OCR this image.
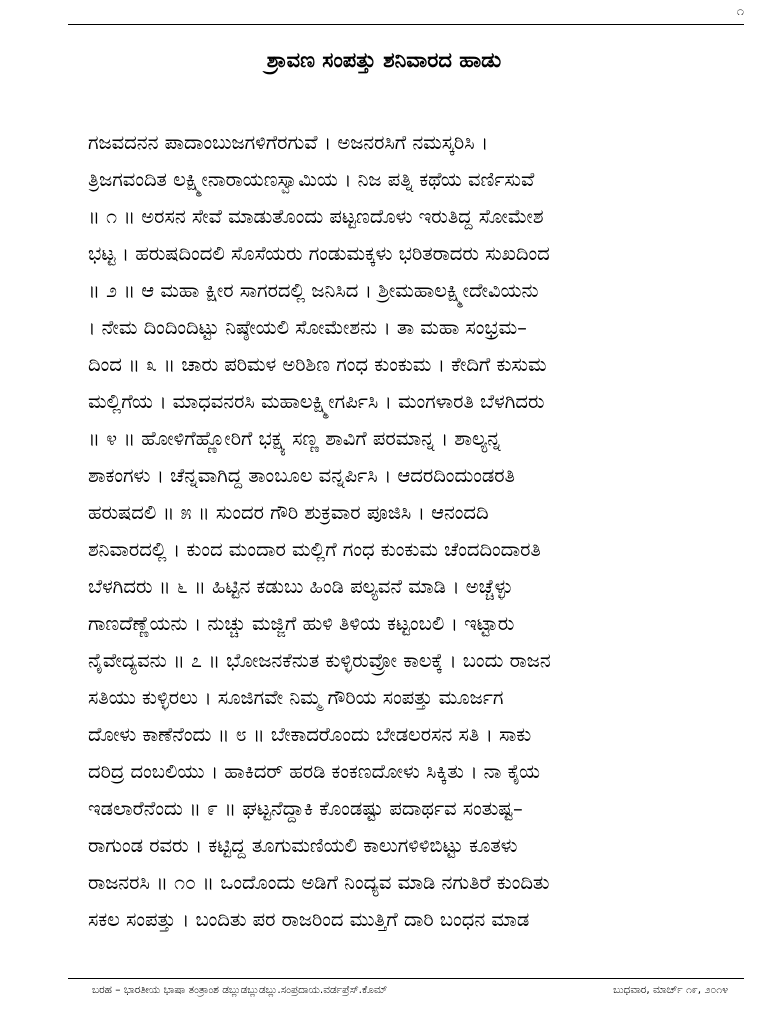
೧
ಶ್ರಾವಣ ಸಂಪತ್ತು ಶನಿವಾರದ ಹಾಡು
ಗಜವದನನ ಪಾದಾಂಬುಜಗಳಿಗೆರಗುವೆ । ಅಜನರಸಿಗೆ ನಮಸ್ಕರಿಸಿ ।
ತ್ರಿಜಗವಂದಿತ ಲಕ್ಷ್ಮೀನಾರಾಯಣಸ್ವಾಮಿಯ । ನಿಜ ಪತ್ನಿ ಕಥೆಯ ವರ್ಣಿಸುವೆ
॥ ೧ ॥ ಅರಸನ ಸೇವೆ ಮಾಡುತೊಂದು ಪಟ್ಟಣದೊಳು ಇರುತಿದ್ದ ಸೋಮೇಶ
ಭಟ್ಟ । ಹರುಷದಿಂದಲಿ ಸೊಸೆಯರು ಗಂಡುಮಕ್ಕಳು ಭರಿತರಾದರು ಸುಖದಿಂದ
॥ ೨ ॥ ಆ ಮಹಾ ಕ್ಷೀರ ಸಾಗರದಲ್ಲಿ ಜನಿಸಿದ । ಶ್ರೀಮಹಾಲಕ್ಷ್ಮೀದೇವಿಯನು
। ನೇಮ ದಿಂದಿಂದಿಟ್ಟು ನಿಷ್ಠೇಯಲಿ ಸೋಮೇಶನು । ತಾ ಮಹಾ ಸಂಭ್ರಮ–
ದಿಂದ ॥ ೩ ॥ ಚಾರು ಪರಿಮಳ ಅರಿಶಿಣ ಗಂಧ ಕುಂಕುಮ । ಕೇದಿಗೆ ಕುಸುಮ
ಮಲ್ಲಿಗೆಯ । ಮಾಧವನರಸಿ ಮಹಾಲಕ್ಷ್ಮೀಗರ್ಪಿಸಿ । ಮಂಗಳಾರತಿ ಬೆಳಗಿದರು
॥ ೪ ॥ ಹೋಳಿಗೆಹ್ಣೋರಿಗೆ ಭಕ್ಷ್ಯ ಸಣ್ಣ ಶಾವಿಗೆ ಪರಮಾನ್ನ । ಶಾಲ್ಯನ್ನ
ಶಾಕಂಗಳು । ಚೆನ್ನವಾಗಿದ್ದ ತಾಂಬೂಲ ವನ್ನರ್ಪಿಸಿ । ಆದರದಿಂದುಂಡರತಿ
ಹರುಷದಲಿ ॥ ೫ ॥ ಸುಂದರ ಗೌರಿ ಶುಕ್ರವಾರ ಪೂಜಿಸಿ । ಆನಂದದಿ
ಶನಿವಾರದಲ್ಲಿ । ಕುಂದ ಮಂದಾರ ಮಲ್ಲಿಗೆ ಗಂಧ ಕುಂಕುಮ ಚೆಂದದಿಂದಾರತಿ
ಬೆಳಗಿದರು ॥ ೬ ॥ ಹಿಟ್ಟಿನ ಕಡುಬು ಹಿಂಡಿ ಪಲ್ಯವನೆ ಮಾಡಿ । ಅಚ್ಚೆಳ್ಳು
ಗಾಣದೆಣ್ಣೆಯನು । ನುಚ್ಚು ಮಜ್ಜಿಗೆ ಹುಳಿ ತಿಳಿಯ ಕಟ್ಟಂಬಲಿ । ಇಟ್ಟಾರು
ನೈವೇದ್ಯವನು ॥ ೭ ॥ ಭೋಜನಕೆನುತ ಕುಳ್ಳಿರುವ್ರೋ ಕಾಲಕ್ಕೆ । ಬಂದು ರಾಜನ
ಸತಿಯು ಕುಳ್ಳಿರಲು । ಸೂಜಿಗವೇ ನಿಮ್ಮ ಗೌರಿಯ ಸಂಪತ್ತು ಮೂರ್ಜಗ
ದೋಳು ಕಾಣೆನೆಂದು ॥ ೮ ॥ ಬೇಕಾದರೊಂದು ಬೇಡಲರಸನ ಸತಿ । ಸಾಕು
ದರಿದ್ರ ದಂಬಲಿಯು । ಹಾಕಿದರ್ ಹರಡಿ ಕಂಕಣದೋಳು ಸಿಕ್ಕಿತು । ನಾ ಕೈಯ
ಇಡಲಾರೆನೆಂದು ॥ ೯ ॥ ಘಟ್ಟನೆದ್ದಾಕಿ ಕೊಂಡಷ್ಟು ಪದಾರ್ಥವ ಸಂತುಷ್ಟ–
ರಾಗುಂಡ ರವರು । ಕಟ್ಟಿದ್ದ ತೂಗುಮಣಿಯಲಿ ಕಾಲುಗಳಿಳಿಬಿಟ್ಟು ಕೂತಳು
ರಾಜನರಸಿ ॥ ೧೦ ॥ ಒಂದೊಂದು ಅಡಿಗೆ ನಿಂದ್ಯವ ಮಾಡಿ ನಗುತಿರೆ ಕುಂದಿತು
ಸಕಲ ಸಂಪತ್ತು । ಬಂದಿತು ಪರ ರಾಜರಿಂದ ಮುತ್ತಿಗೆ ದಾರಿ ಬಂಧನ ಮಾಡ
ಬರಹ – ಭಾರತೀಯ ಭಾಷಾ ತಂತ್ರಾಂಶ ಡಬ್ಲುಡಬ್ಲುಡಬ್ಲು.ಸಂಪ್ರದಾಯ.ವರ್ಡಪ್ರೆಸ್.ಕೊಮ್	ಬುಧವಾರ, ಮಾರ್ಚ್ ೧೯, ೨೦೧೪
